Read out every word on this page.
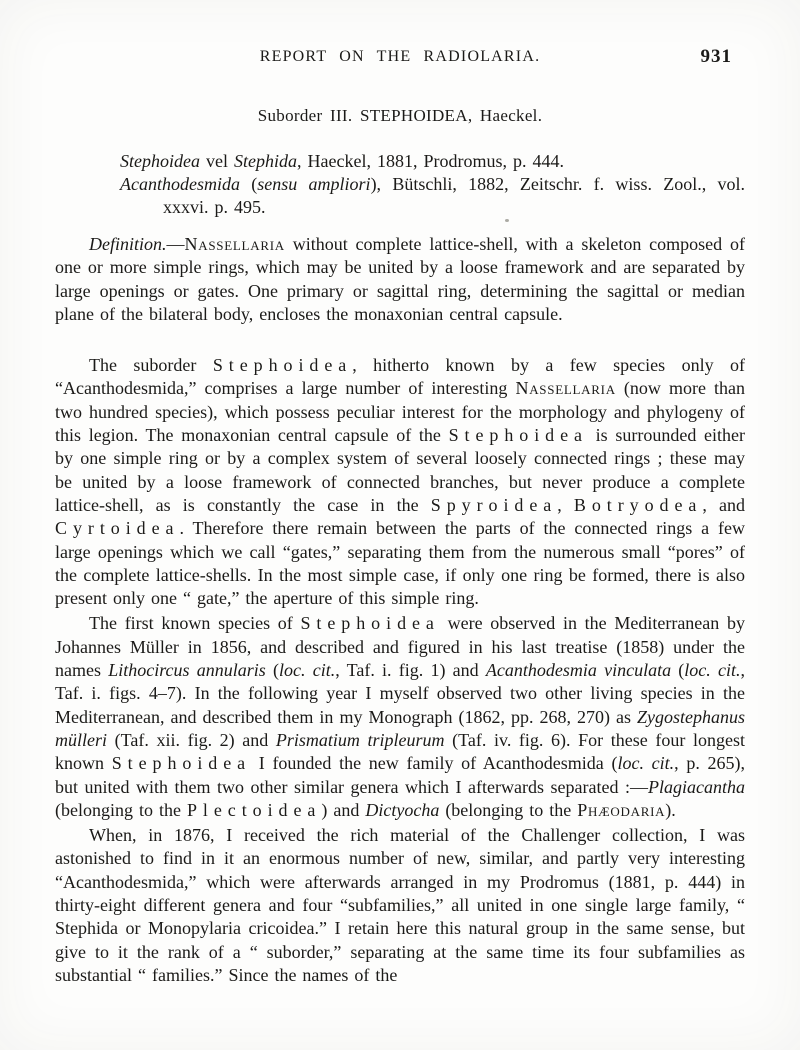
REPORT ON THE RADIOLARIA.	931
Suborder III. STEPHOIDEA, Haeckel.

Stephoidea vel Stephida, Haeckel, 1881, Prodromus, p. 444.

Acanthodesmida (sensu ampliori), Bütschli, 1882, Zeitschr. f. wiss. Zool., vol. xxxvi. p. 495.

Definition.—Nassellaria without complete lattice-shell, with a skeleton composed of one or more simple rings, which may be united by a loose framework and are separated by large openings or gates. One primary or sagittal ring, determining the sagittal or median plane of the bilateral body, encloses the monaxonian central capsule.

The suborder Stephoidea, hitherto known by a few species only of “Acanthodesmida,” comprises a large number of interesting Nassellaria (now more than two hundred species), which possess peculiar interest for the morphology and phylogeny of this legion. The monaxonian central capsule of the Stephoidea is surrounded either by one simple ring or by a complex system of several loosely connected rings ; these may be united by a loose framework of connected branches, but never produce a complete lattice-shell, as is constantly the case in the Spyroidea, Botryodea, and Cyrtoidea. Therefore there remain between the parts of the connected rings a few large openings which we call “gates,” separating them from the numerous small “pores” of the complete lattice-shells. In the most simple case, if only one ring be formed, there is also present only one “ gate,” the aperture of this simple ring.

The first known species of Stephoidea were observed in the Mediterranean by Johannes Müller in 1856, and described and figured in his last treatise (1858) under the names Lithocircus annularis (loc. cit., Taf. i. fig. 1) and Acanthodesmia vinculata (loc. cit., Taf. i. figs. 4–7). In the following year I myself observed two other living species in the Mediterranean, and described them in my Monograph (1862, pp. 268, 270) as Zygostephanus mülleri (Taf. xii. fig. 2) and Prismatium tripleurum (Taf. iv. fig. 6). For these four longest known Stephoidea I founded the new family of Acanthodesmida (loc. cit., p. 265), but united with them two other similar genera which I afterwards separated :—Plagiacantha (belonging to the Plectoidea) and Dictyocha (belonging to the Phæodaria).

When, in 1876, I received the rich material of the Challenger collection, I was astonished to find in it an enormous number of new, similar, and partly very interesting “Acanthodesmida,” which were afterwards arranged in my Prodromus (1881, p. 444) in thirty-eight different genera and four “subfamilies,” all united in one single large family, “ Stephida or Monopylaria cricoidea.” I retain here this natural group in the same sense, but give to it the rank of a “ suborder,” separating at the same time its four subfamilies as substantial “ families.” Since the names of the
